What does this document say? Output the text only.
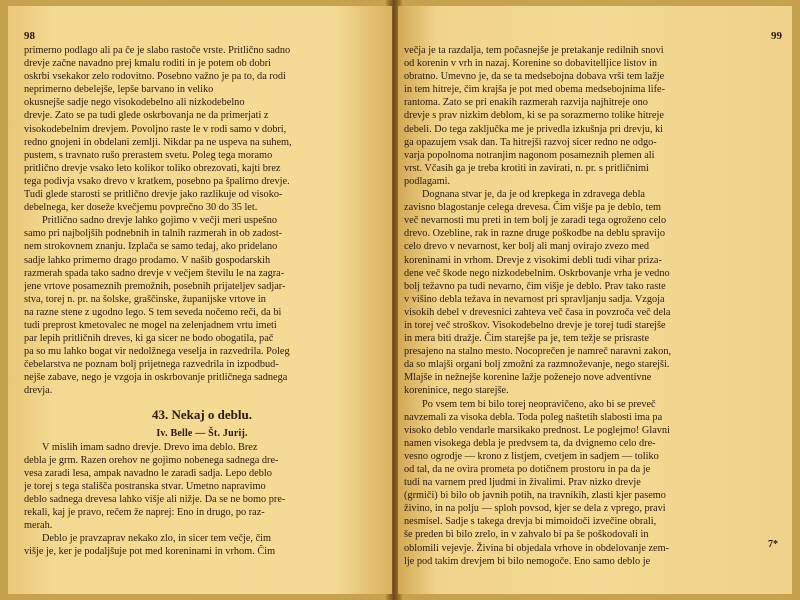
98
primerno podlago ali pa če je slabo rastoče vrste. Pritlično sadno
drevje začne navadno prej kmalu roditi in je potem ob dobri
oskrbi vsekakor zelo rodovitno. Posebno važno je pa to, da rodi
neprimerno debelejše, lepše barvano in veliko
okusnejše sadje nego visokodebelno ali nizkodebelno
drevje. Zato se pa tudi glede oskrbovanja ne da primerjati z
visokodebelnim drevjem. Povoljno raste le v rodi samo v dobri,
redno gnojeni in obdelani zemlji. Nikdar pa ne uspeva na suhem,
pustem, s travnato rušo prerastem svetu. Poleg tega moramo
pritlično drevje vsako leto kolikor toliko obrezovati, kajti brez
tega podivja vsako drevo v kratkem, posebno pa špalirno drevje.
Tudi glede starosti se pritlično drevje jako razlikuje od visoko-
debelnega, ker doseže kvečjemu povprečno 30 do 35 let.
Pritlično sadno drevje lahko gojimo v večji meri uspešno
samo pri najboljših podnebnih in talnih razmerah in ob zadost-
nem strokovnem znanju. Izplača se samo tedaj, ako pridelano
sadje lahko primerno drago prodamo. V našib gospodarskih
razmerah spada tako sadno drevje v večjem številu le na zagra-
jene vrtove posameznih premožnih, posebnih prijateljev sadjar-
stva, torej n. pr. na šolske, graščinske, županijske vrtove in
na razne stene z ugodno lego. S tem seveda nočemo reči, da bi
tudi preprost kmetovalec ne mogel na zelenjadnem vrtu imeti
par lepih pritličnih dreves, ki ga sicer ne bodo obogatila, pač
pa so mu lahko bogat vir nedolžnega veselja in razvedrila. Poleg
čebelarstva ne poznam bolj prijetnega razvedrila in izpodbud-
nejše zabave, nego je vzgoja in oskrbovanje pritličnega sadnega
drevja.
43. Nekaj o deblu.
Iv. Belle — Št. Jurij.
V mislih imam sadno drevje. Drevo ima deblo. Brez
debla je grm. Razen orehov ne gojimo nobenega sadnega dre-
vesa zaradi lesa, ampak navadno le zaradi sadja. Lepo deblo
je torej s tega stališča postranska stvar. Umetno napravimo
deblo sadnega drevesa lahko višje ali nižje. Da se ne bomo pre-
rekali, kaj je pravo, rečem že naprej: Eno in drugo, po raz-
merah.
Deblo je pravzaprav nekako zlo, in sicer tem večje, čim
višje je, ker je podaljšuje pot med koreninami in vrhom. Čim
99
večja je ta razdalja, tem počasnejše je pretakanje redilnih snovi
od korenin v vrh in nazaj. Korenine so dobavitelljice listov in
obratno. Umevno je, da se ta medsebojna dobava vrši tem lažje
in tem hitreje, čim krajša je pot med obema medsebojnima life-
rantoma. Zato se pri enakih razmerah razvija najhitreje ono
drevje s prav nizkim deblom, ki se pa sorazmerno tolike hitreje
debeli. Do tega zaključka me je privedla izkušnja pri drevju, ki
ga opazujem vsak dan. Ta hitrejši razvoj sicer redno ne odgo-
varja popolnoma notranjim nagonom posameznih plemen ali
vrst. Včasih ga je treba krotiti in zavirati, n. pr. s pritličnimi
podlagami.
Dognana stvar je, da je od krepkega in zdravega debla
zavisno blagostanje celega drevesa. Čim višje pa je deblo, tem
več nevarnosti mu preti in tem bolj je zaradi tega ogroženo celo
drevo. Ozebline, rak in razne druge poškodbe na deblu spravijo
celo drevo v nevarnost, ker bolj ali manj ovirajo zvezo med
koreninami in vrhom. Drevje z visokimi debli tudi vihar priza-
dene več škode nego nizkodebelnim. Oskrbovanje vrha je vedno
bolj težavno pa tudi nevarno, čim višje je deblo. Prav tako raste
v višino debla težava in nevarnost pri spravljanju sadja. Vzgoja
visokih debel v drevesnici zahteva več časa in povzroča več dela
in torej več stroškov. Visokodebelno drevje je torej tudi starejše
in mera biti dražje. Čim starejše pa je, tem težje se prisraste
presajeno na stalno mesto. Nocoprečen je namreč naravni zakon,
da so mlajši organi bolj zmožni za razmnoževanje, nego starejši.
Mlajše in nežnejše koreninе lažje poženejo nove adventivne
koreninice, nego starejše.
Po vsem tem bi bilo torej neopravičeno, ako bi se preveč
navzemali za visoka debla. Toda poleg naštetih slabosti ima pa
visoko deblo vendarle marsikako prednost. Le poglejmo! Glavni
namen visokega debla je predvsem ta, da dvignemo celo dre-
vesno ogrodje — krono z listjem, cvetjem in sadjem — toliko
od tal, da ne ovira prometa po dotičnem prostoru in pa da je
tudi na varnem pred ljudmi in živalimi. Prav nizko drevje
(grmiči) bi bilo ob javnih potih, na travnikih, zlasti kjer pasemo
živino, in na polju — sploh povsod, kjer se dela z vprego, pravi
nesmisel. Sadje s takega drevja bi mimoidoči izvečine obrali,
še preden bi bilo zrelo, in v zahvalo bi pa še poškodovali in
oblomili vejevje. Živina bi objedala vrhove in obdelovanje zem-
lje pod takim drevjem bi bilo nemogoče. Eno samo deblo je
7*
